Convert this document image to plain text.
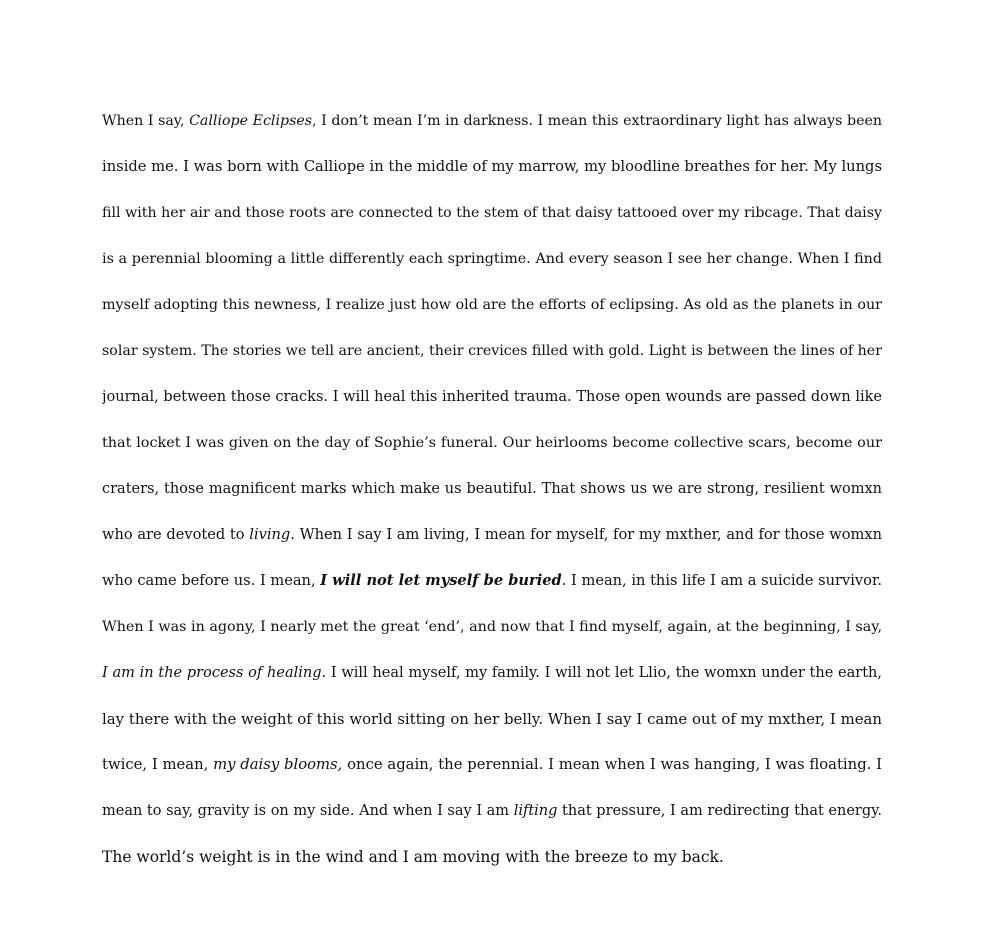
When I say, Calliope Eclipses, I don’t mean I’m in darkness. I mean this extraordinary light has always been
inside me. I was born with Calliope in the middle of my marrow, my bloodline breathes for her. My lungs
fill with her air and those roots are connected to the stem of that daisy tattooed over my ribcage. That daisy
is a perennial blooming a little differently each springtime. And every season I see her change. When I find
myself adopting this newness, I realize just how old are the efforts of eclipsing. As old as the planets in our
solar system. The stories we tell are ancient, their crevices filled with gold. Light is between the lines of her
journal, between those cracks. I will heal this inherited trauma. Those open wounds are passed down like
that locket I was given on the day of Sophie’s funeral. Our heirlooms become collective scars, become our
craters, those magnificent marks which make us beautiful. That shows us we are strong, resilient womxn
who are devoted to living. When I say I am living, I mean for myself, for my mxther, and for those womxn
who came before us. I mean, I will not let myself be buried. I mean, in this life I am a suicide survivor.
When I was in agony, I nearly met the great ‘end’, and now that I find myself, again, at the beginning, I say,
I am in the process of healing. I will heal myself, my family. I will not let Llio, the womxn under the earth,
lay there with the weight of this world sitting on her belly. When I say I came out of my mxther, I mean
twice, I mean, my daisy blooms, once again, the perennial. I mean when I was hanging, I was floating. I
mean to say, gravity is on my side. And when I say I am lifting that pressure, I am redirecting that energy.
The world’s weight is in the wind and I am moving with the breeze to my back.
